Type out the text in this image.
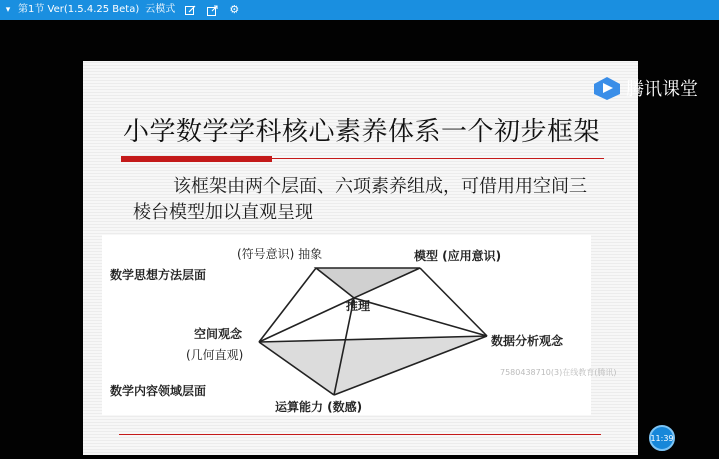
▾ 第1节 Ver(1.5.4.25 Beta) 云模式	⚙
小学数学学科核心素养体系一个初步框架
该框架由两个层面、六项素养组成，可借用用空间三棱台模型加以直观呈现
(符号意识) 抽象	模型 (应用意识)
数学思想方法层面
推理
空间观念
(几何直观)
数据分析观念
数学内容领域层面
运算能力 (数感)
腾讯课堂
7580438710(3)在线教育(腾讯)
11:39
